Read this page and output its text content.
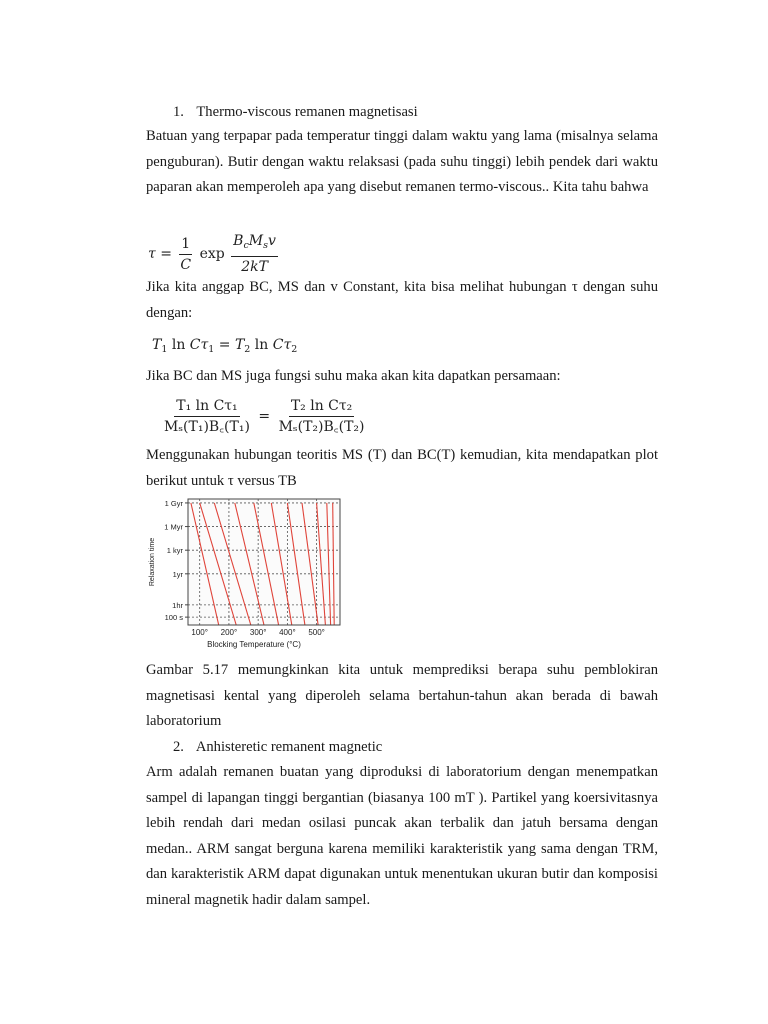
1. Thermo-viscous remanen magnetisasi

Batuan yang terpapar pada temperatur tinggi dalam waktu yang lama (misalnya selama penguburan). Butir dengan waktu relaksasi (pada suhu tinggi) lebih pendek dari waktu paparan akan memperoleh apa yang disebut remanen termo-viscous.. Kita tahu bahwa

$\tau = \frac{1}{C}$ $\exp \frac{B_cM_sv}{2kT}$

Jika kita anggap BC, MS dan v Constant, kita bisa melihat hubungan τ dengan suhu dengan:

$T_1$ $\ln C\tau_1 = T_2$ $\ln C\tau_2$

Jika BC dan MS juga fungsi suhu maka akan kita dapatkan persamaan:

$\frac{\text{T₁ ln Cτ₁}}{\text{Mₛ(T₁)B꜀(T₁)}} = \frac{\text{T₂ ln Cτ₂}}{\text{Mₛ(T₂)B꜀(T₂)}}$

Menggunakan hubungan teoritis MS (T) dan BC(T) kemudian, kita mendapatkan plot berikut untuk τ versus TB

100° 200° 300° 400° 500°
100 s
1hr
1yr
1 kyr
1 Myr
1 Gyr
Relaxation time
Blocking Temperature (°C)

Gambar 5.17 memungkinkan kita untuk memprediksi berapa suhu pemblokiran magnetisasi kental yang diperoleh selama bertahun-tahun akan berada di bawah laboratorium

2. Anhisteretic remanent magnetic

Arm adalah remanen buatan yang diproduksi di laboratorium dengan menempatkan sampel di lapangan tinggi bergantian (biasanya 100 mT ). Partikel yang koersivitasnya lebih rendah dari medan osilasi puncak akan terbalik dan jatuh bersama dengan medan.. ARM sangat berguna karena memiliki karakteristik yang sama dengan TRM, dan karakteristik ARM dapat digunakan untuk menentukan ukuran butir dan komposisi mineral magnetik hadir dalam sampel.
